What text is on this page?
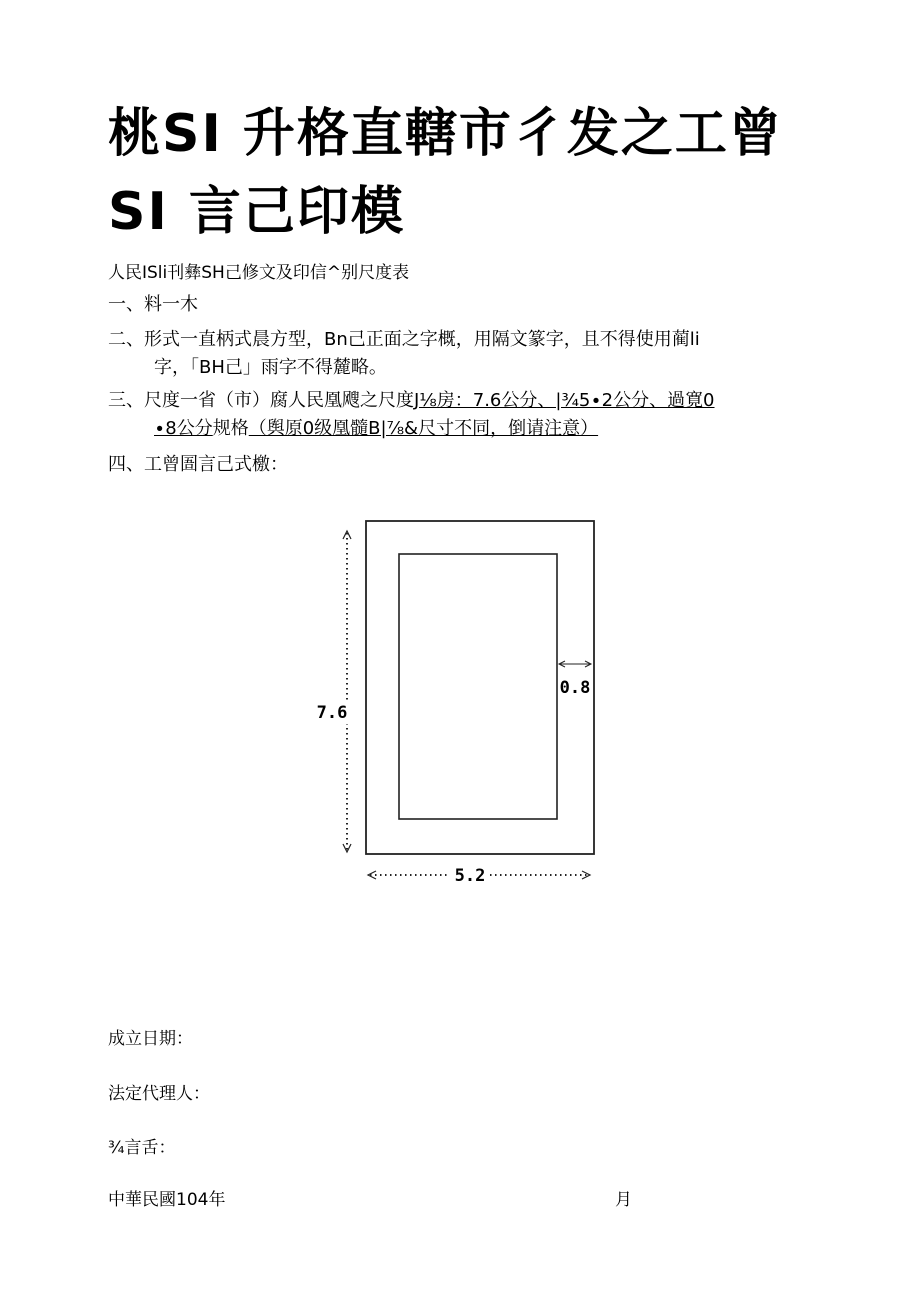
桃SI 升格直轄市彳发之工曾
SI 言己印模
人民ISli刊彝SH己修文及印信^别尺度表
一、料一木
二、形式一直柄式晨方型，Bn己正面之字概，用隔文篆字，且不得使用蔺li
字，「BH己」雨字不得麓略。
三、尺度一省（市）腐人民凰飕之尺度J⅛房：7.6公分、|¾5∙2公分、過寛0
∙8公分规格（舆原0级凰髓B|⅞&尺寸不同，倒请注意）
四、工曾圄言己式檄：
7.6
5.2
0.8
成立日期：
法定代理人：
¾言舌：
中華民國104年	月
